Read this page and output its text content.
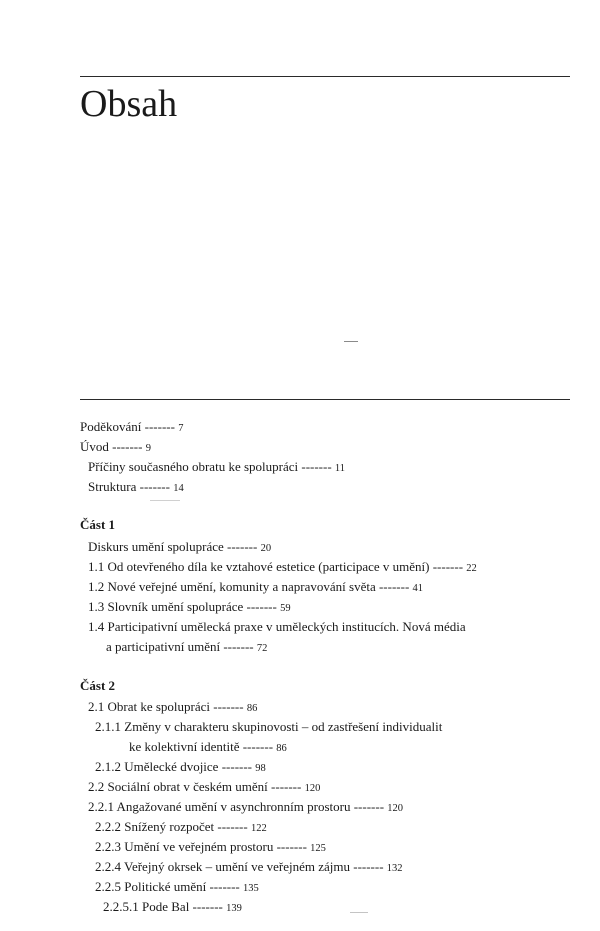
Obsah
Poděkování ------- 7
Úvod ------- 9
Příčiny současného obratu ke spolupráci ------- 11
Struktura ------- 14
Část 1
Diskurs umění spolupráce ------- 20
1.1 Od otevřeného díla ke vztahové estetice (participace v umění) ------- 22
1.2 Nové veřejné umění, komunity a napravování světa ------- 41
1.3 Slovník umění spolupráce ------- 59
1.4 Participativní umělecká praxe v uměleckých institucích. Nová média
a participativní umění ------- 72
Část 2
2.1 Obrat ke spolupráci ------- 86
2.1.1 Změny v charakteru skupinovosti – od zastřešení individualit
ke kolektivní identitě ------- 86
2.1.2 Umělecké dvojice ------- 98
2.2 Sociální obrat v českém umění ------- 120
2.2.1 Angažované umění v asynchronním prostoru ------- 120
2.2.2 Snížený rozpočet ------- 122
2.2.3 Umění ve veřejném prostoru ------- 125
2.2.4 Veřejný okrsek – umění ve veřejném zájmu ------- 132
2.2.5 Politické umění ------- 135
2.2.5.1 Pode Bal ------- 139
